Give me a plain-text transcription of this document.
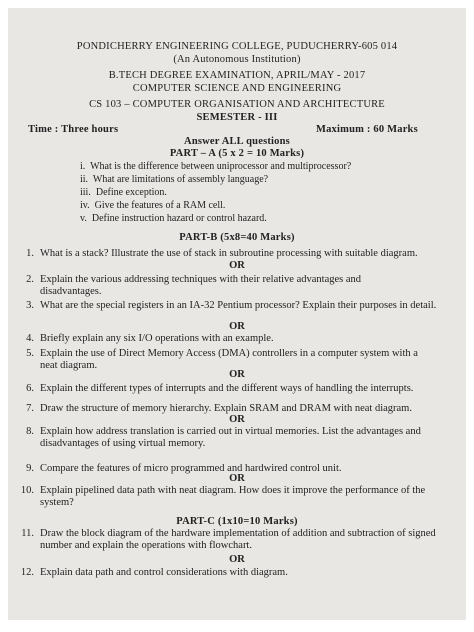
PONDICHERRY ENGINEERING COLLEGE, PUDUCHERRY-605 014
(An Autonomous Institution)
B.TECH DEGREE EXAMINATION, APRIL/MAY - 2017
COMPUTER SCIENCE AND ENGINEERING
CS 103 – COMPUTER ORGANISATION AND ARCHITECTURE
SEMESTER - III
Time : Three hours	Maximum : 60 Marks
Answer ALL questions
PART – A (5 x 2 = 10 Marks)
i. What is the difference between uniprocessor and multiprocessor?
ii. What are limitations of assembly language?
iii. Define exception.
iv. Give the features of a RAM cell.
v. Define instruction hazard or control hazard.
PART-B (5x8=40 Marks)
1. What is a stack? Illustrate the use of stack in subroutine processing with suitable diagram.
OR
2. Explain the various addressing techniques with their relative advantages and disadvantages.
3. What are the special registers in an IA-32 Pentium processor? Explain their purposes in detail.
OR
4. Briefly explain any six I/O operations with an example.
5. Explain the use of Direct Memory Access (DMA) controllers in a computer system with a neat diagram.
OR
6. Explain the different types of interrupts and the different ways of handling the interrupts.
7. Draw the structure of memory hierarchy. Explain SRAM and DRAM with neat diagram.
OR
8. Explain how address translation is carried out in virtual memories. List the advantages and disadvantages of using virtual memory.
9. Compare the features of micro programmed and hardwired control unit.
OR
10. Explain pipelined data path with neat diagram. How does it improve the performance of the system?
PART-C (1x10=10 Marks)
11. Draw the block diagram of the hardware implementation of addition and subtraction of signed number and explain the operations with flowchart.
OR
12. Explain data path and control considerations with diagram.
